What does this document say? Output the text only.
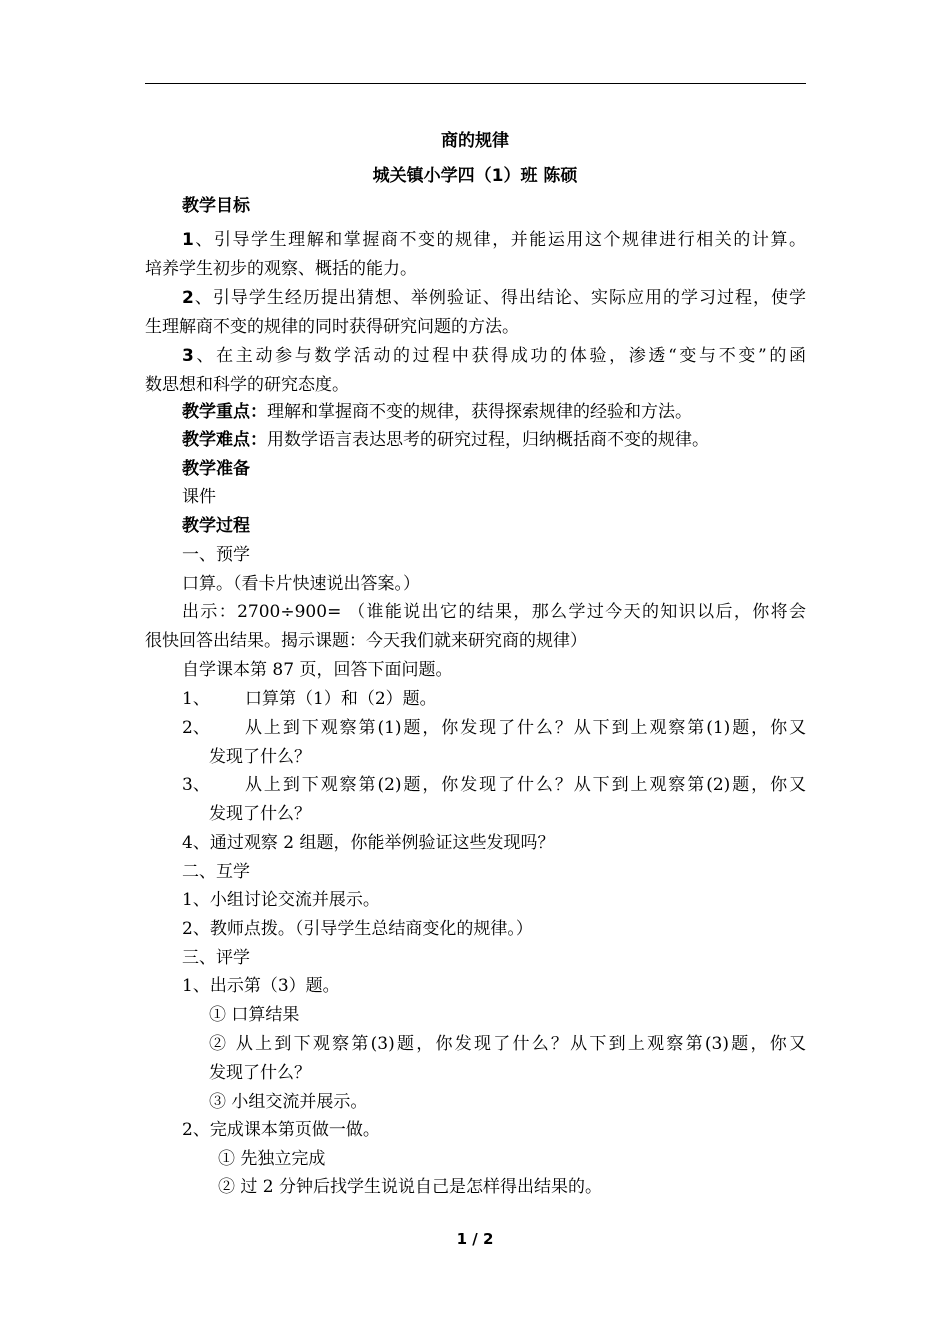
商的规律
城关镇小学四（1）班 陈硕
教学目标
1、引导学生理解和掌握商不变的规律，并能运用这个规律进行相关的计算。
培养学生初步的观察、概括的能力。
2、引导学生经历提出猜想、举例验证、得出结论、实际应用的学习过程，使学
生理解商不变的规律的同时获得研究问题的方法。
3、在主动参与数学活动的过程中获得成功的体验，渗透“变与不变”的函
数思想和科学的研究态度。
教学重点：理解和掌握商不变的规律，获得探索规律的经验和方法。
教学难点：用数学语言表达思考的研究过程，归纳概括商不变的规律。
教学准备
课件
教学过程
一、预学
口算。（看卡片快速说出答案。）
出示：2700÷900= （谁能说出它的结果，那么学过今天的知识以后，你将会
很快回答出结果。揭示课题：今天我们就来研究商的规律）
自学课本第 87 页，回答下面问题。
1、 口算第（1）和（2）题。
2、 从上到下观察第(1)题，你发现了什么？从下到上观察第(1)题，你又
发现了什么？
3、 从上到下观察第(2)题，你发现了什么？从下到上观察第(2)题，你又
发现了什么？
4、通过观察 2 组题，你能举例验证这些发现吗？
二、互学
1、小组讨论交流并展示。
2、教师点拨。（引导学生总结商变化的规律。）
三、评学
1、出示第（3）题。
① 口算结果
② 从上到下观察第(3)题，你发现了什么？从下到上观察第(3)题，你又
发现了什么？
③ 小组交流并展示。
2、完成课本第页做一做。
① 先独立完成
② 过 2 分钟后找学生说说自己是怎样得出结果的。
1 / 2
